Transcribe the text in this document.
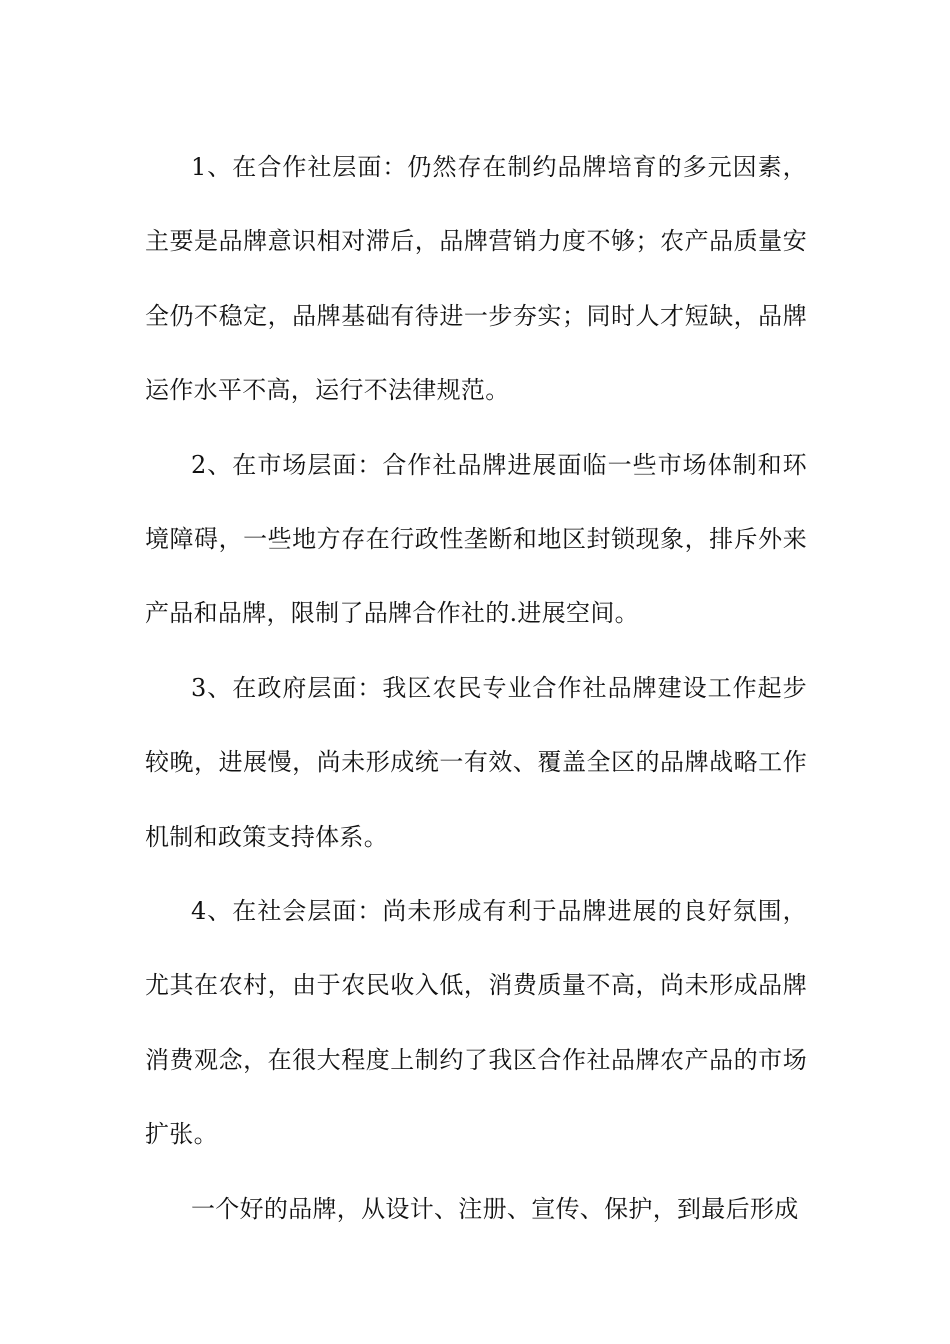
1、在合作社层面：仍然存在制约品牌培育的多元因素，主要是品牌意识相对滞后，品牌营销力度不够；农产品质量安全仍不稳定，品牌基础有待进一步夯实；同时人才短缺，品牌运作水平不高，运行不法律规范。

2、在市场层面：合作社品牌进展面临一些市场体制和环境障碍，一些地方存在行政性垄断和地区封锁现象，排斥外来产品和品牌，限制了品牌合作社的.进展空间。

3、在政府层面：我区农民专业合作社品牌建设工作起步较晚，进展慢，尚未形成统一有效、覆盖全区的品牌战略工作机制和政策支持体系。

4、在社会层面：尚未形成有利于品牌进展的良好氛围，尤其在农村，由于农民收入低，消费质量不高，尚未形成品牌消费观念，在很大程度上制约了我区合作社品牌农产品的市场扩张。

一个好的品牌，从设计、注册、宣传、保护，到最后形成
